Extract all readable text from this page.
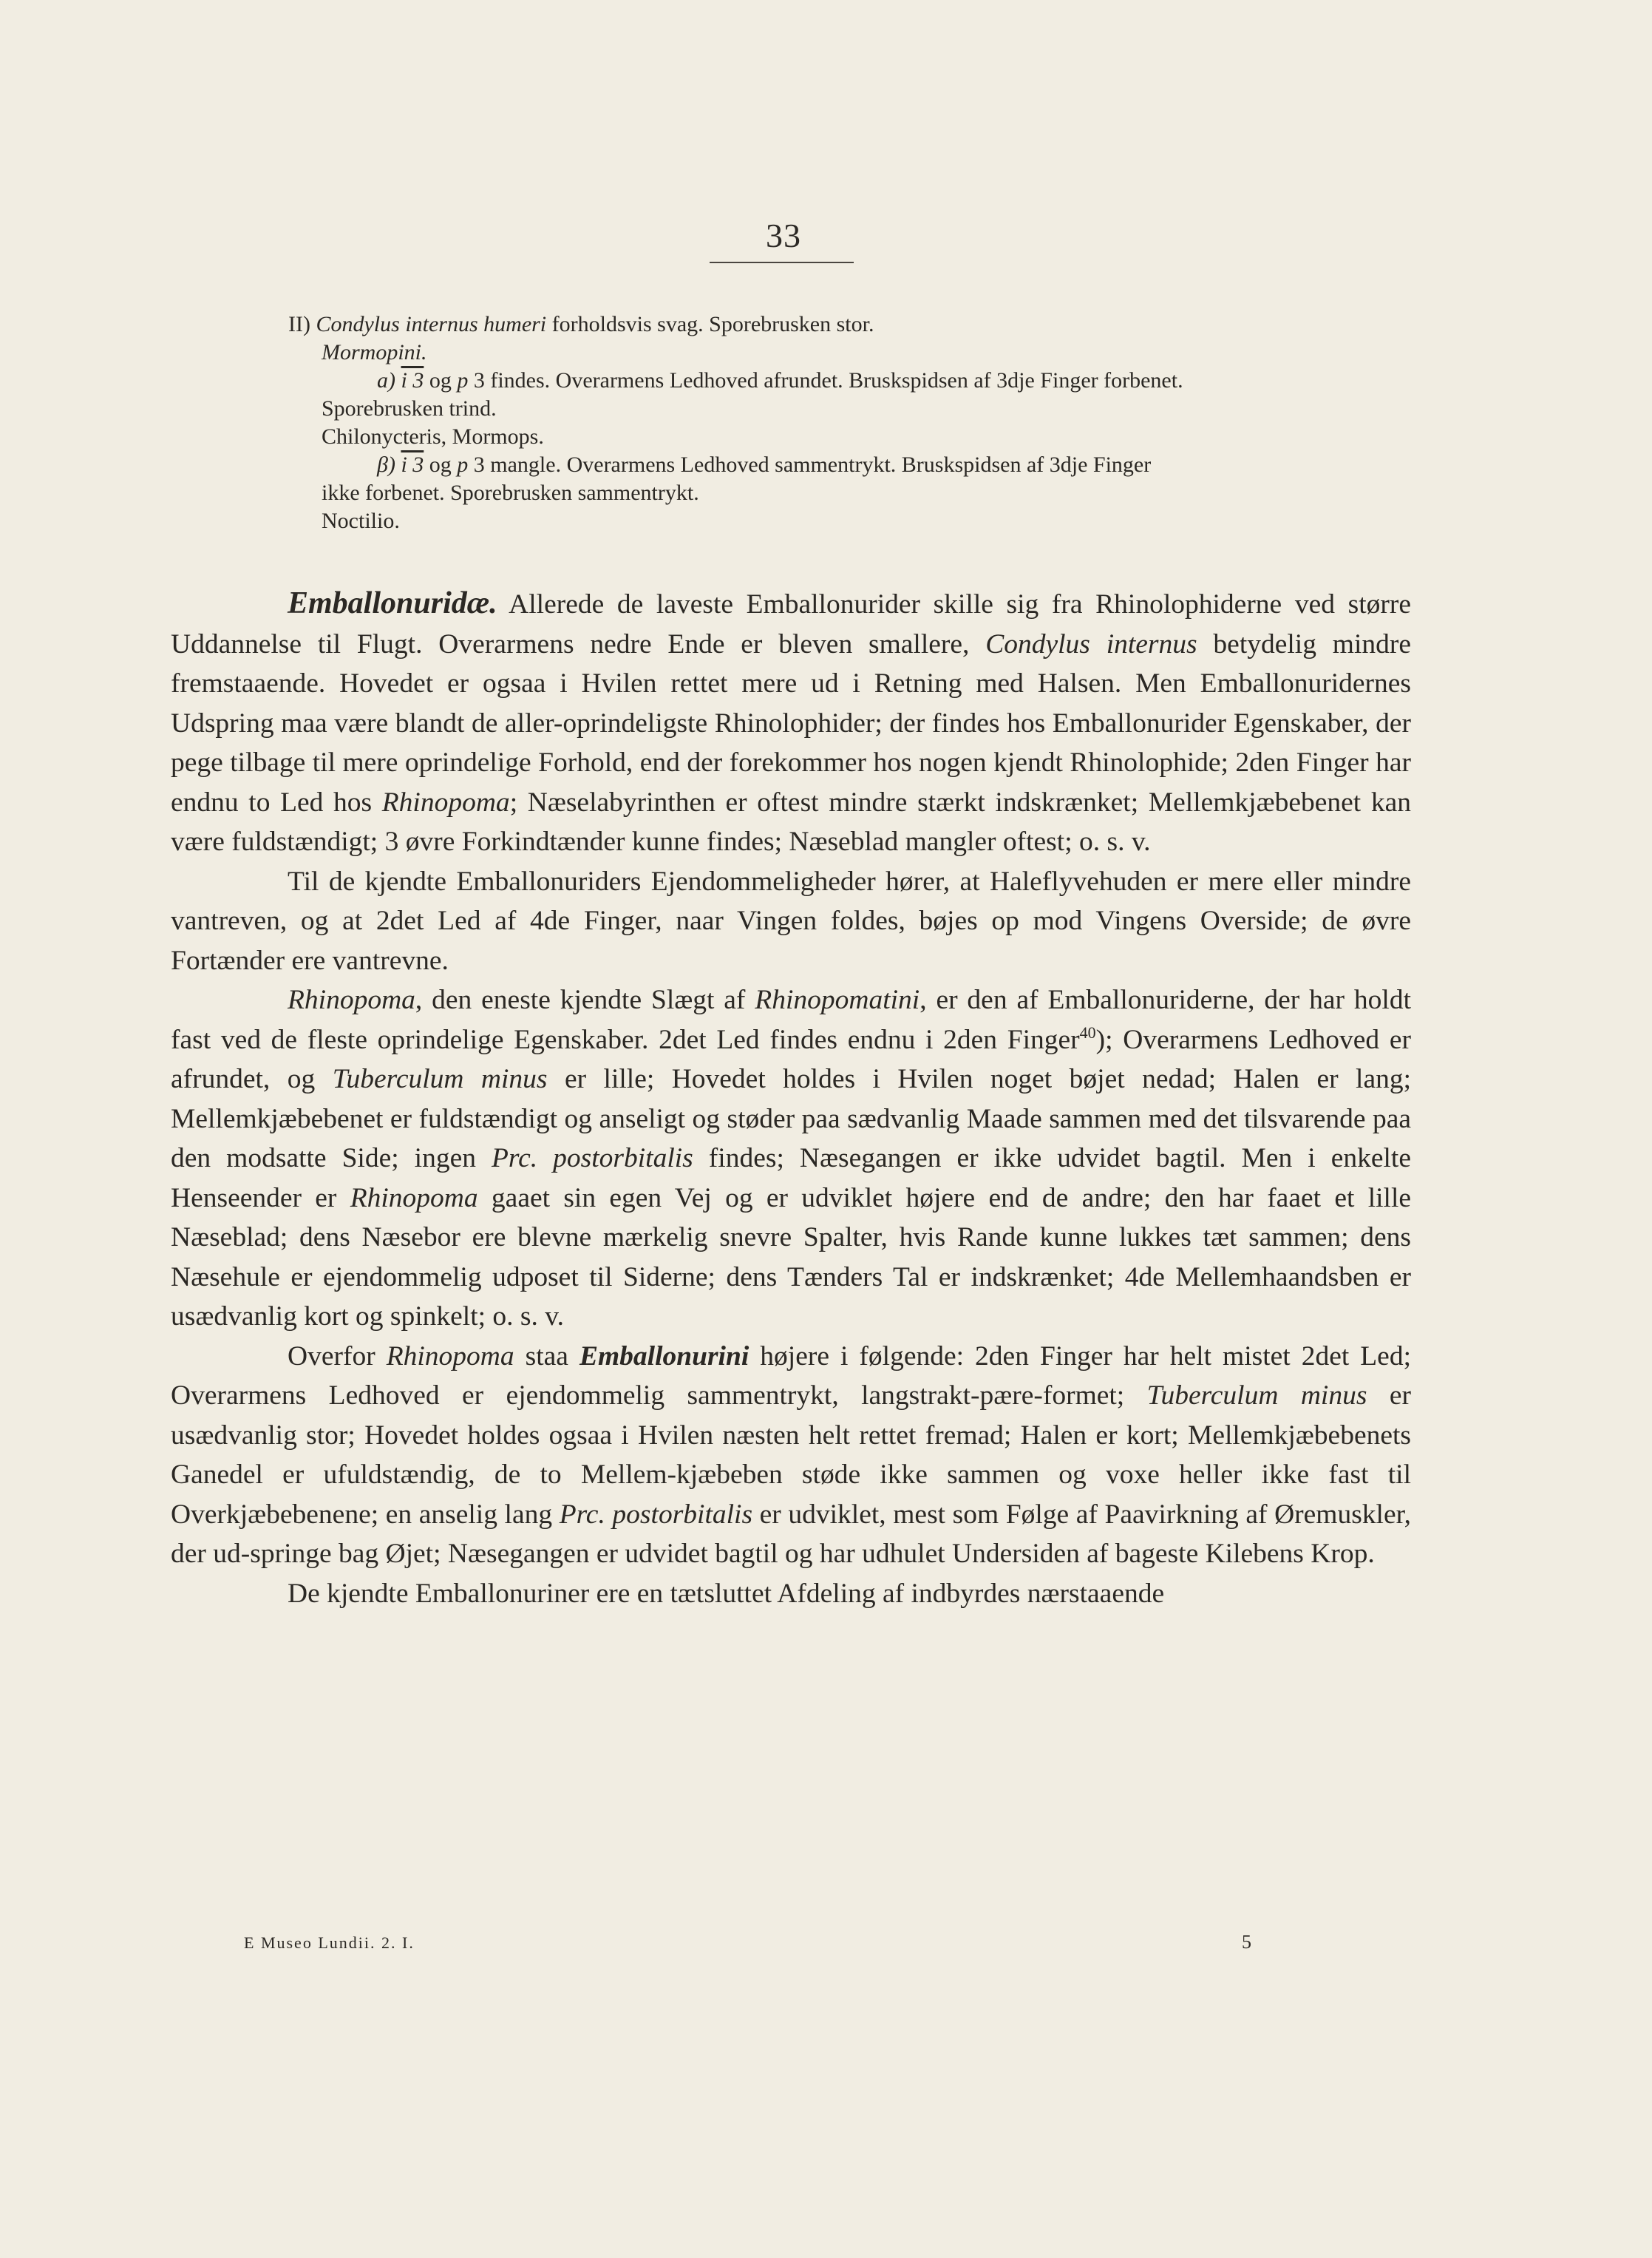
33
II) Condylus internus humeri forholdsvis svag. Sporebrusken stor.
Mormopini.
a) i 3 og p 3 findes. Overarmens Ledhoved afrundet. Bruskspidsen af 3dje Finger forbenet.
Sporebrusken trind.
Chilonycteris, Mormops.
β) i 3 og p 3 mangle. Overarmens Ledhoved sammentrykt. Bruskspidsen af 3dje Finger
ikke forbenet. Sporebrusken sammentrykt.
Noctilio.

Emballonuridæ. Allerede de laveste Emballonurider skille sig fra Rhinolophiderne ved større Uddannelse til Flugt. Overarmens nedre Ende er bleven smallere, Condylus internus betydelig mindre fremstaaende. Hovedet er ogsaa i Hvilen rettet mere ud i Retning med Halsen. Men Emballonuridernes Udspring maa være blandt de aller-oprindeligste Rhinolophider; der findes hos Emballonurider Egenskaber, der pege tilbage til mere oprindelige Forhold, end der forekommer hos nogen kjendt Rhinolophide; 2den Finger har endnu to Led hos Rhinopoma; Næselabyrinthen er oftest mindre stærkt indskrænket; Mellemkjæbebenet kan være fuldstændigt; 3 øvre Forkindtænder kunne findes; Næseblad mangler oftest; o. s. v.

Til de kjendte Emballonuriders Ejendommeligheder hører, at Haleflyvehuden er mere eller mindre vantreven, og at 2det Led af 4de Finger, naar Vingen foldes, bøjes op mod Vingens Overside; de øvre Fortænder ere vantrevne.

Rhinopoma, den eneste kjendte Slægt af Rhinopomatini, er den af Emballonuriderne, der har holdt fast ved de fleste oprindelige Egenskaber. 2det Led findes endnu i 2den Finger$^{40}$); Overarmens Ledhoved er afrundet, og Tuberculum minus er lille; Hovedet holdes i Hvilen noget bøjet nedad; Halen er lang; Mellemkjæbebenet er fuldstændigt og anseligt og støder paa sædvanlig Maade sammen med det tilsvarende paa den modsatte Side; ingen Prc. postorbitalis findes; Næsegangen er ikke udvidet bagtil. Men i enkelte Henseender er Rhinopoma gaaet sin egen Vej og er udviklet højere end de andre; den har faaet et lille Næseblad; dens Næsebor ere blevne mærkelig snevre Spalter, hvis Rande kunne lukkes tæt sammen; dens Næsehule er ejendommelig udposet til Siderne; dens Tænders Tal er indskrænket; 4de Mellemhaandsben er usædvanlig kort og spinkelt; o. s. v.

Overfor Rhinopoma staa Emballonurini højere i følgende: 2den Finger har helt mistet 2det Led; Overarmens Ledhoved er ejendommelig sammentrykt, langstrakt-pære-formet; Tuberculum minus er usædvanlig stor; Hovedet holdes ogsaa i Hvilen næsten helt rettet fremad; Halen er kort; Mellemkjæbebenets Ganedel er ufuldstændig, de to Mellem-kjæbeben støde ikke sammen og voxe heller ikke fast til Overkjæbebenene; en anselig lang Prc. postorbitalis er udviklet, mest som Følge af Paavirkning af Øremuskler, der ud-springe bag Øjet; Næsegangen er udvidet bagtil og har udhulet Undersiden af bageste Kilebens Krop.

De kjendte Emballonuriner ere en tætsluttet Afdeling af indbyrdes nærstaaende

E Museo Lundii. 2. I.	5
